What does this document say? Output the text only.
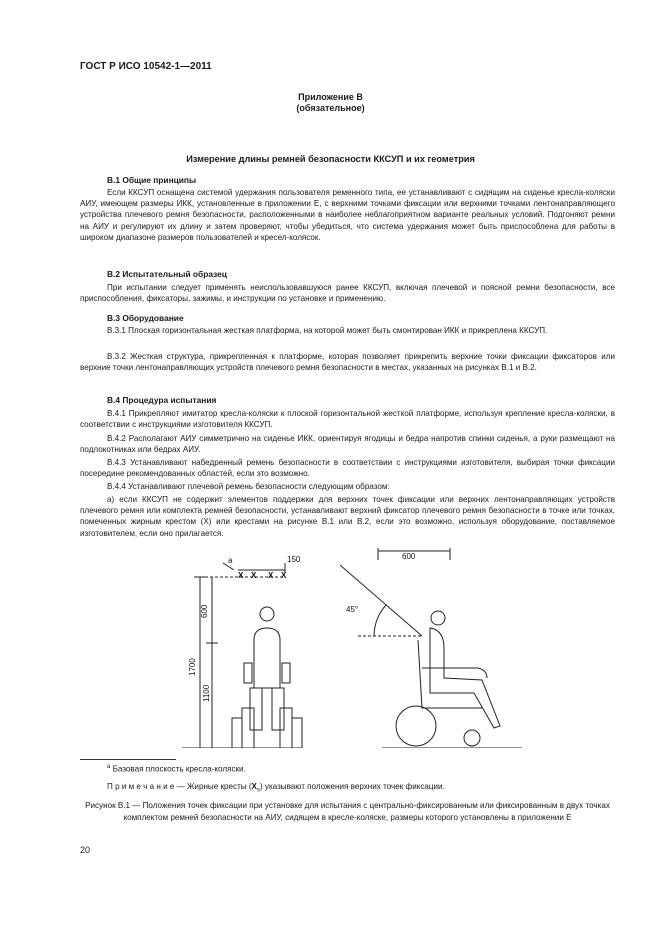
ГОСТ Р ИСО 10542-1—2011
Приложение В
(обязательное)
Измерение длины ремней безопасности ККСУП и их геометрия
В.1 Общие принципы

Если ККСУП оснащена системой удержания пользователя ременного типа, ее устанавливают с сидящим на сиденье кресла-коляски АИУ, имеющем размеры ИКК, установленные в приложении Е, с верхними точками фиксации или верхними точками лентонаправляющего устройства плечевого ремня безопасности, расположенными в наиболее неблагоприятном варианте реальных условий. Подгоняют ремни на АИУ и регулируют их длину и затем проверяют, чтобы убедиться, что система удержания может быть приспособлена для работы в широком диапазоне размеров пользователей и кресел-колясок.

В.2 Испытательный образец

При испытании следует применять неиспользовавшуюся ранее ККСУП, включая плечевой и поясной ремни безопасности, все приспособления, фиксаторы, зажимы, и инструкции по установке и применению.

В.3 Оборудование

В.3.1 Плоская горизонтальная жесткая платформа, на которой может быть смонтирован ИКК и прикреплена ККСУП.

В.3.2 Жесткая структура, прикрепленная к платформе, которая позволяет прикрепить верхние точки фиксации фиксаторов или верхние точки лентонаправляющих устройств плечевого ремня безопасности в местах, указанных на рисунках В.1 и В.2.

В.4 Процедура испытания

В.4.1 Прикрепляют имитатор кресла-коляски к плоской горизонтальной жесткой платформе, используя крепление кресла-коляски, в соответствии с инструкциями изготовителя ККСУП.

В.4.2 Располагают АИУ симметрично на сиденье ИКК, ориентируя ягодицы и бедра напротив спинки сиденья, а руки размещают на подлокотниках или бедрах АИУ.

В.4.3 Устанавливают набедренный ремень безопасности в соответствии с инструкциями изготовителя, выбирая точки фиксации посередине рекомендованных областей, если это возможно.

В.4.4 Устанавливают плечевой ремень безопасности следующим образом:

а) если ККСУП не содержит элементов поддержки для верхних точек фиксации или верхних лентонаправляющих устройств плечевого ремня или комплекта ремней безопасности, устанавливают верхний фиксатор плечевого ремня безопасности в точке или точках, помеченных жирным крестом (X) или крестами на рисунке В.1 или В.2, если это возможно, используя оборудование, поставляемое изготовителем, если оно прилагается.

a	150
600
1700
1100
600
45°
X X X X
$^a$ Базовая плоскость кресла-коляски.
П р и м е ч а н и е — Жирные кресты $(X_s)$ указывают положения верхних точек фиксации.
Рисунок В.1 — Положения точек фиксации при установке для испытания с центрально-фиксированным или фиксированным в двух точках комплектом ремней безопасности на АИУ, сидящем в кресле-коляске, размеры которого установлены в приложении Е
20
